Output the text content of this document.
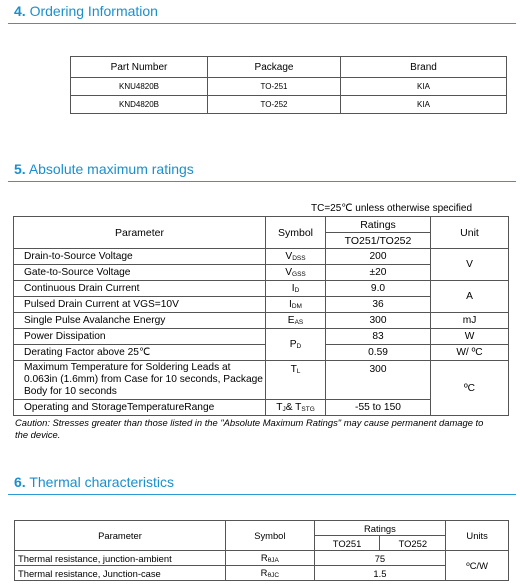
4. Ordering Information
Part Number	Package	Brand
KNU4820B	TO-251	KIA
KND4820B	TO-252	KIA
5. Absolute maximum ratings
TC=25℃ unless otherwise specified
Parameter	Symbol	Ratings	Unit
		TO251/TO252	
Drain-to-Source Voltage	$V_{DSS}$	200	V
Gate-to-Source Voltage	$V_{GSS}$	±20	
Continuous Drain Current	$I_D$	9.0	A
Pulsed Drain Current at VGS=10V	$I_{DM}$	36	
Single Pulse Avalanche Energy	$E_{AS}$	300	mJ
Power Dissipation	$P_D$	83	W
Derating Factor above 25℃		0.59	W/ ºC
Maximum Temperature for Soldering Leads at 0.063in (1.6mm) from Case for 10 seconds, Package Body for 10 seconds	$T_L$	300	ºC
Operating and StorageTemperatureRange	$T_J\&$ $T_{STG}$	-55 to 150	
Caution: Stresses greater than those listed in the "Absolute Maximum Ratings" may cause permanent damage to the device.
6. Thermal characteristics
Parameter	Symbol	Ratings		Units
		TO251	TO252	
Thermal resistance, junction-ambient	$R_{\theta JA}$	75		ºC/W
Thermal resistance, Junction-case	$R_{\theta JC}$	1.5		
